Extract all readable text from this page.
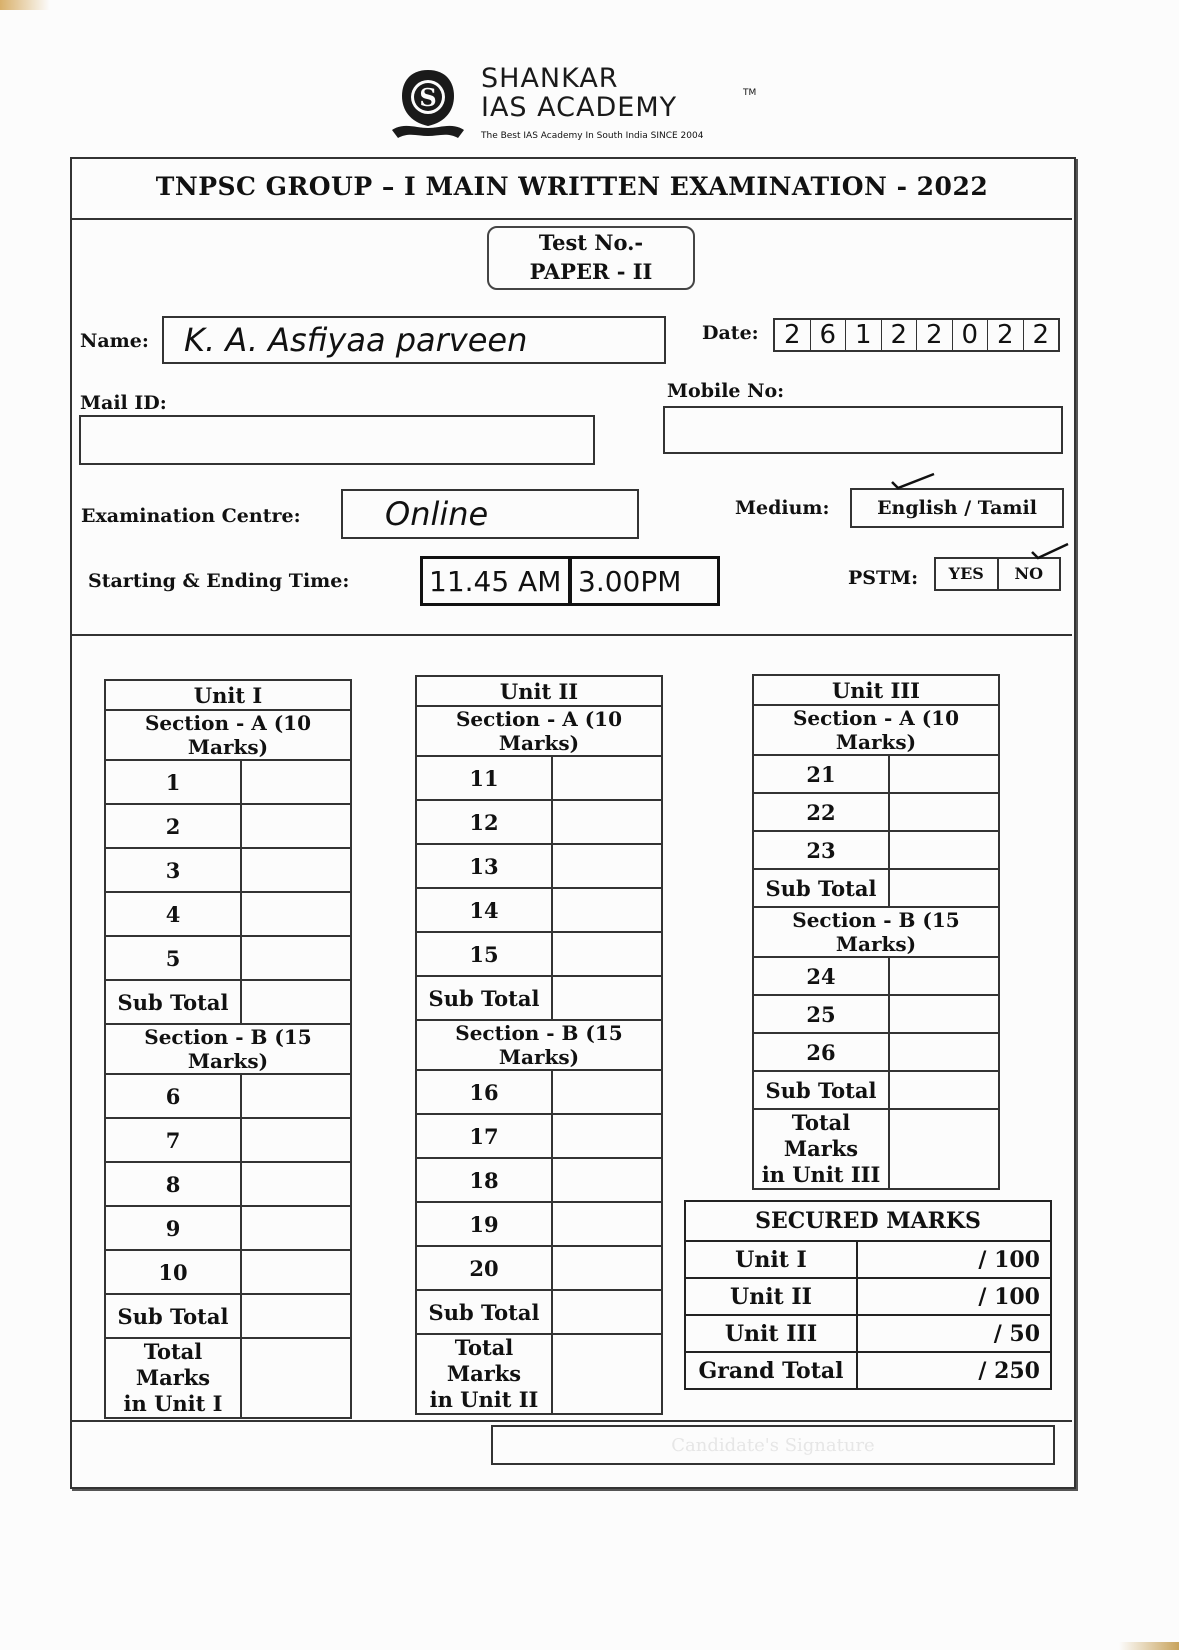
S
SHANKAR
IAS ACADEMY	TM
The Best IAS Academy In South India SINCE 2004
TNPSC GROUP – I MAIN WRITTEN EXAMINATION - 2022
Test No.-
PAPER - II
Name: K. A. Asfiyaa parveen	Date: 2 6 1 2 2 0 2 2
Mail ID:
Mobile No:
Examination Centre:	Online	Medium:	English / Tamil
Starting & Ending Time:	11.45 AM 3.00PM	PSTM:	YES	NO
Unit I	
Section - A (10 Marks)	
1	
2	
3	
4	
5	
Sub Total	
Section - B (15 Marks)	
6	
7	
8	
9	
10	
Sub Total	

Total Marks
in Unit I	

Unit II	
Section - A (10 Marks)	
11	
12	
13	
14	
15	
Sub Total	
Section - B (15 Marks)	
16	
17	
18	
19	
20	
Sub Total	

Total Marks
in Unit II	

Unit III	
Section - A (10 Marks)	
21	
22	
23	
Sub Total	
Section - B (15 Marks)	
24	
25	
26	
Sub Total	

Total Marks
in Unit III	

SECURED MARKS	
Unit I	/ 100
Unit II	/ 100
Unit III	/ 50
Grand Total	/ 250
Candidate's Signature
